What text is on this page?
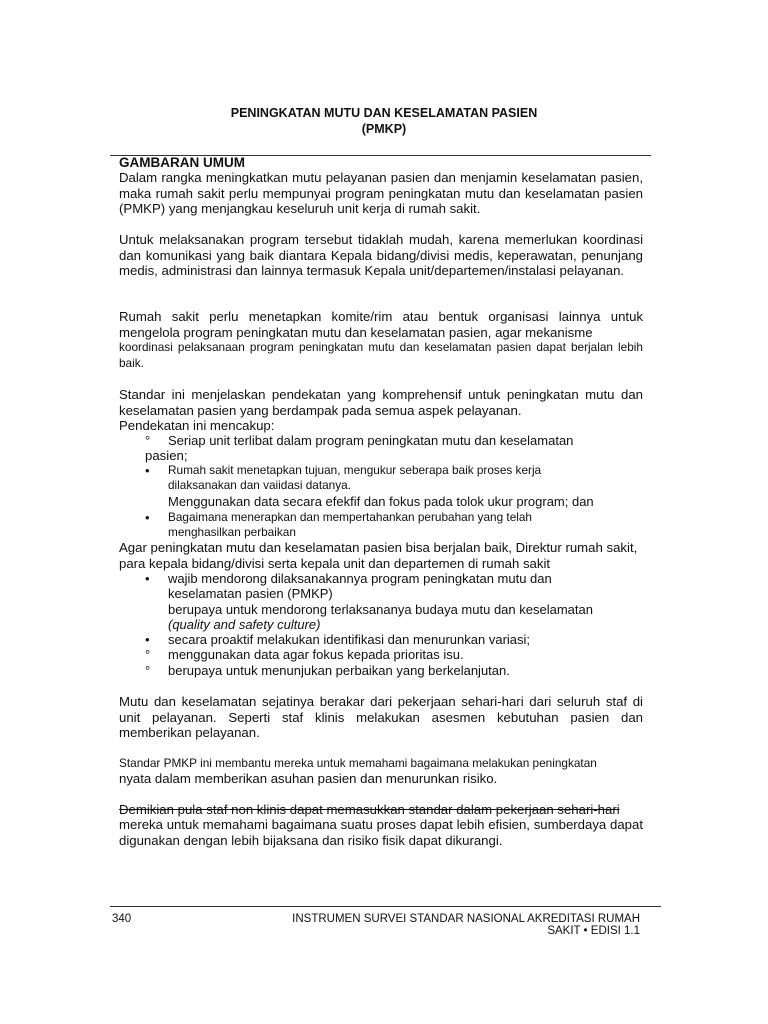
PENINGKATAN MUTU DAN KESELAMATAN PASIEN
(PMKP)
GAMBARAN UMUM
Dalam rangka meningkatkan mutu pelayanan pasien dan menjamin keselamatan pasien, maka rumah sakit perlu mempunyai program peningkatan mutu dan keselamatan pasien (PMKP) yang menjangkau keseluruh unit kerja di rumah sakit.
Untuk melaksanakan program tersebut tidaklah mudah, karena memerlukan koordinasi dan komunikasi yang baik diantara Kepala bidang/divisi medis, keperawatan, penunjang medis, administrasi dan lainnya termasuk Kepala unit/departemen/instalasi pelayanan.
Rumah sakit perlu menetapkan komite/rim atau bentuk organisasi lainnya untuk mengelola program peningkatan mutu dan keselamatan pasien, agar mekanisme
koordinasi pelaksanaan program peningkatan mutu dan keselamatan pasien dapat berjalan lebih baik.
Standar ini menjelaskan pendekatan yang komprehensif untuk peningkatan mutu dan keselamatan pasien yang berdampak pada semua aspek pelayanan.
Pendekatan ini mencakup:
° Seriap unit terlibat dalam program peningkatan mutu dan keselamatan
pasien;
• Rumah sakit menetapkan tujuan, mengukur seberapa baik proses kerja dilaksanakan dan vaiidasi datanya.
Menggunakan data secara efekfif dan fokus pada tolok ukur program; dan
• Bagaimana menerapkan dan mempertahankan perubahan yang telah menghasilkan perbaikan
Agar peningkatan mutu dan keselamatan pasien bisa berjalan baik, Direktur rumah sakit, para kepala bidang/divisi serta kepala unit dan departemen di rumah sakit
• wajib mendorong dilaksanakannya program peningkatan mutu dan keselamatan pasien (PMKP)
berupaya untuk mendorong terlaksananya budaya mutu dan keselamatan
(quality and safety culture)
• secara proaktif melakukan identifikasi dan menurunkan variasi;
° menggunakan data agar fokus kepada prioritas isu.
° berupaya untuk menunjukan perbaikan yang berkelanjutan.
Mutu dan keselamatan sejatinya berakar dari pekerjaan sehari-hari dari seluruh staf di unit pelayanan. Seperti staf klinis melakukan asesmen kebutuhan pasien dan memberikan pelayanan.
Standar PMKP ini membantu mereka untuk memahami bagaimana melakukan peningkatan
nyata dalam memberikan asuhan pasien dan menurunkan risiko.
Demikian pula staf non klinis dapat memasukkan standar dalam pekerjaan sehari-hari
mereka untuk memahami bagaimana suatu proses dapat lebih efisien, sumberdaya dapat digunakan dengan lebih bijaksana dan risiko fisik dapat dikurangi.
340	INSTRUMEN SURVEI STANDAR NASIONAL AKREDITASI RUMAH SAKIT • EDISI 1.1
